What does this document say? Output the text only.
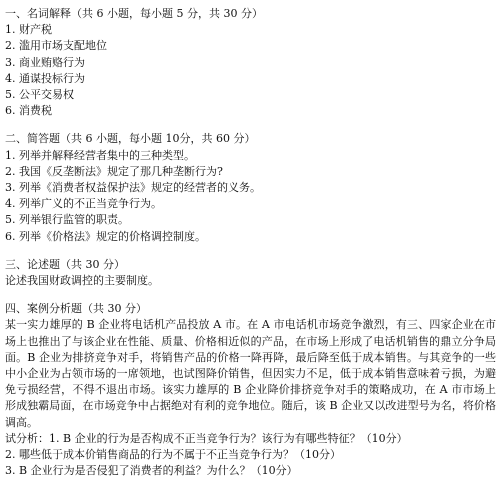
一、名词解释（共 6 小题，每小题 5 分，共 30 分）
1. 财产税
2. 滥用市场支配地位
3. 商业贿赂行为
4. 通谋投标行为
5. 公平交易权
6. 消费税
二、简答题（共 6 小题，每小题 10分，共 60 分）
1. 列举并解释经营者集中的三种类型。
2. 我国《反垄断法》规定了那几种垄断行为?
3. 列举《消费者权益保护法》规定的经营者的义务。
4. 列举广义的不正当竞争行为。
5. 列举银行监管的职责。
6. 列举《价格法》规定的价格调控制度。
三、论述题（共 30 分）
论述我国财政调控的主要制度。
四、案例分析题（共 30 分）
某一实力雄厚的 B 企业将电话机产品投放 A 市。在 A 市电话机市场竞争激烈，有三、四家企业在市场上也推出了与该企业在性能、质量、价格相近似的产品，在市场上形成了电话机销售的鼎立分争局面。B 企业为排挤竞争对手，将销售产品的价格一降再降，最后降至低于成本销售。与其竞争的一些中小企业为占领市场的一席领地，也试图降价销售，但因实力不足，低于成本销售意味着亏损，为避免亏损经营，不得不退出市场。该实力雄厚的 B 企业降价排挤竞争对手的策略成功，在 A 市市场上形成独霸局面，在市场竞争中占据绝对有利的竞争地位。随后，该 B 企业又以改进型号为名，将价格调高。
试分析：1. B 企业的行为是否构成不正当竞争行为？该行为有哪些特征？（10分）
2. 哪些低于成本价销售商品的行为不属于不正当竞争行为？（10分）
3. B 企业行为是否侵犯了消费者的利益？为什么？（10分）
